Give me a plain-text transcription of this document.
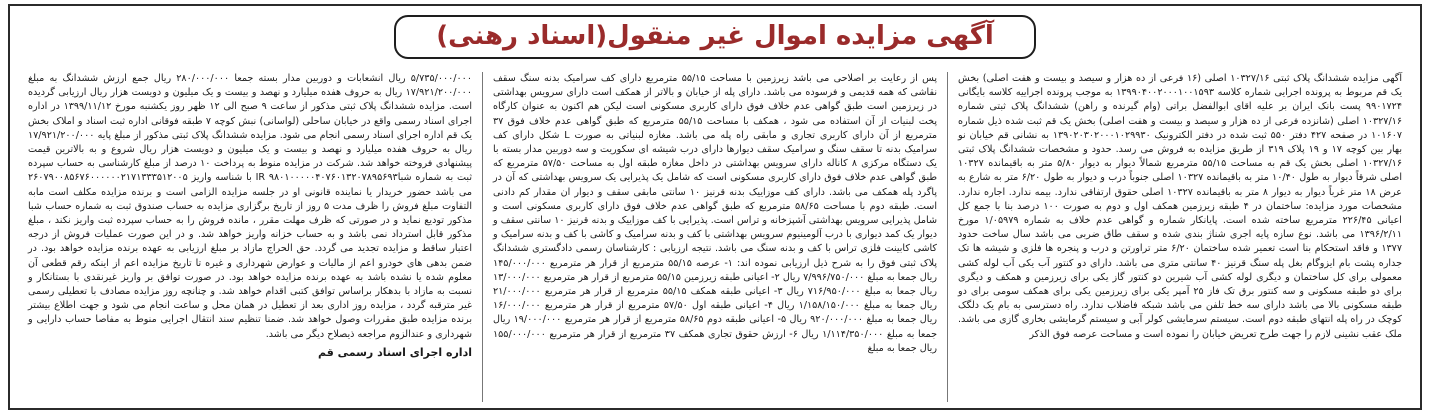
آگهی مزایده اموال غیر منقول(اسناد رهنی)

آگهی مزایده ششدانگ پلاک ثبتی ۱۰۳۲۷/۱۶ اصلی (۱۶ فرعی از ده هزار و سیصد و بیست و هفت اصلی) بخش یک قم مربوط به پرونده اجرایی شماره کلاسه ۱۳۹۹۰۴۰۰۲۰۰۰۱۰۰۱۵۹۳ به موجب پرونده اجراییه کلاسه بایگانی ۹۹۰۱۷۲۴ پست بانک ایران بر علیه اقای ابوالفضل براتی (وام گیرنده و راهن) ششدانگ پلاک ثبتی شماره ۱۰۳۲۷/۱۶ اصلی (شانزده فرعی از ده هزار و سیصد و بیست و هفت اصلی) بخش یک قم ثبت شده ذیل شماره ۱۰۱۶۰۷ در صفحه ۴۲۷ دفتر ۵۵۰ ثبت شده در دفتر الکترونیک ۱۳۹۰۲۰۳۰۲۰۰۰۱۰۲۹۹۳۰ به نشانی قم خیابان نو بهار بین کوچه ۱۷ و ۱۹ پلاک ۳۱۹ از طریق مزایده به فروش می رسد. حدود و مشخصات ششدانگ پلاک ثبتی ۱۰۳۲۷/۱۶ اصلی بخش یک قم به مساحت ۵۵/۱۵ مترمربع شمالاً دیوار به دیوار ۵/۸۰ متر به باقیمانده ۱۰۳۲۷ اصلی شرقاً دیوار به طول ۱۰/۴۰ متر به باقیمانده ۱۰۳۲۷ اصلی جنوباً درب و دیوار به طول ۶/۲۰ متر به شارع به عرض ۱۸ متر غرباً دیوار به دیوار ۸ متر به باقیمانده ۱۰۳۲۷ اصلی حقوق ارتفاقی ندارد. بیمه ندارد. اجاره ندارد. مشخصات مورد مزایده: ساختمان در ۴ طبقه زیرزمین همکف اول و دوم به صورت ۱۰۰ درصد بنا با جمع کل اعیانی ۲۲۶/۴۵ مترمربع ساخته شده است. پایانکار شماره و گواهی عدم خلاف به شماره ۱/۰۵۹۷۹ مورخ ۱۳۹۶/۲/۱۱ می باشد. نوع سازه پایه اجری شناژ بندی شده و سقف طاق ضربی می باشد سال ساخت حدود ۱۳۷۷ و فاقد استحکام بنا است تعمیر شده ساختمان ۶/۲۰ متر تراورتن و درب و پنجره ها فلزی و شیشه ها تک جداره پشت بام ایزوگام بغل پله سنگ قرنیز ۴۰ سانتی متری می باشد. دارای دو کنتور آب یکی آب لوله کشی معمولی برای کل ساختمان و دیگری لوله کشی آب شیرین دو کنتور گاز یکی برای زیرزمین و همکف و دیگری برای دو طبقه مسکونی و سه کنتور برق تک فاز ۲۵ آمپر یکی برای زیرزمین یکی برای همکف سومی برای دو طبقه مسکونی بالا می باشد دارای سه خط تلفن می باشد شبکه فاضلاب ندارد. راه دسترسی به بام یک دلگک کوچک در راه پله انتهای طبقه دوم است. سیستم سرمایشی کولر آبی و سیستم گرمایشی بخاری گازی می باشد. ملک عقب نشینی لازم را جهت طرح تعریض خیابان را نموده است و مساحت عرصه فوق الذکر

پس از رعایت بر اصلاحی می باشد زیرزمین با مساحت ۵۵/۱۵ مترمربع دارای کف سرامیک بدنه سنگ سقف نقاشی که همه قدیمی و فرسوده می باشد. دارای پله از خیابان و بالاتر از همکف است دارای سرویس بهداشتی در زیرزمین است طبق گواهی عدم خلاف فوق دارای کاربری مسکونی است لیکن هم اکنون به عنوان کارگاه پخت لبنیات از آن استفاده می شود ، همکف با مساحت ۵۵/۱۵ مترمربع که طبق گواهی عدم خلاف فوق ۳۷ مترمربع از آن دارای کاربری تجاری و مابقی راه پله می باشد. مغازه لبنیاتی به صورت L شکل دارای کف سرامیک بدنه تا سقف سنگ و سرامیک سقف دیوارها دارای درب شیشه ای سکوریت و سه دوربین مدار بسته با یک دستگاه مرکزی ۸ کاناله دارای سرویس بهداشتی در داخل مغازه طبقه اول به مساحت ۵۷/۵۰ مترمربع که طبق گواهی عدم خلاف فوق دارای کاربری مسکونی است که شامل یک پذیرایی یک سرویس بهداشتی که آن در پاگرد پله همکف می باشد. دارای کف موزاییک بدنه قرنیز ۱۰ سانتی مابقی سقف و دیوار ان مقدار کم دادنی است. طبقه دوم با مساحت ۵۸/۶۵ مترمربع که طبق گواهی عدم خلاف فوق دارای کاربری مسکونی است و شامل پذیرایی سرویس بهداشتی آشپزخانه و تراس است. پذیرایی با کف موزاییک و بدنه قرنیز ۱۰ سانتی سقف و دیوار یک کمد دیواری با درب آلومینیوم سرویس بهداشتی با کف و بدنه سرامیک و کاشی با کف و بدنه سرامیک و کاشی کابینت فلزی تراس با کف و بدنه سنگ می باشد. نتیجه ارزیابی : کارشناسان رسمی دادگستری ششدانگ پلاک ثبتی فوق را به شرح ذیل ارزیابی نموده اند: ۱- عرصه ۵۵/۱۵ مترمربع از قرار هر مترمربع ۱۴۵/۰۰۰/۰۰۰ ریال جمعا به مبلغ ۷/۹۹۶/۷۵۰/۰۰۰ ریال ۲- اعیانی طبقه زیرزمین ۵۵/۱۵ مترمربع از قرار هر مترمربع ۱۳/۰۰۰/۰۰۰ ریال جمعا به مبلغ ۷۱۶/۹۵۰/۰۰۰ ریال ۳- اعیانی طبقه همکف ۵۵/۱۵ مترمربع از قرار هر مترمربع ۲۱/۰۰۰/۰۰۰ ریال جمعا به مبلغ ۱/۱۵۸/۱۵۰/۰۰۰ ریال ۴- اعیانی طبقه اول ۵۷/۵۰ مترمربع از قرار هر مترمربع ۱۶/۰۰۰/۰۰۰ ریال جمعا به مبلغ ۹۲۰/۰۰۰/۰۰۰ ریال ۵- اعیانی طبقه دوم ۵۸/۶۵ مترمربع از قرار هر مترمربع ۱۹/۰۰۰/۰۰۰ ریال جمعا به مبلغ ۱/۱۱۴/۳۵۰/۰۰۰ ریال ۶- ارزش حقوق تجاری همکف ۳۷ مترمربع از قرار هر مترمربع ۱۵۵/۰۰۰/۰۰۰ ریال جمعا به مبلغ

۵/۷۳۵/۰۰۰/۰۰۰ ریال انشعابات و دوربین مدار بسته جمعا ۲۸۰/۰۰۰/۰۰۰ ریال جمع ارزش ششدانگ به مبلغ ۱۷/۹۲۱/۲۰۰/۰۰۰ ریال به حروف هفده میلیارد و نهصد و بیست و یک میلیون و دویست هزار ریال ارزیابی گردیده است. مزایده ششدانگ پلاک ثبتی مذکور از ساعت ۹ صبح الی ۱۲ ظهر روز یکشنبه مورخ ۱۳۹۹/۱۱/۱۲ در اداره اجرای اسناد رسمی واقع در خیابان ساحلی (لواسانی) نبش کوچه ۷ طبقه فوقانی اداره ثبت اسناد و املاک بخش یک قم اداره اجرای اسناد رسمی انجام می شود. مزایده ششدانگ پلاک ثبتی مذکور از مبلغ پایه ۱۷/۹۲۱/۲۰۰/۰۰۰ ریال به حروف هفده میلیارد و نهصد و بیست و یک میلیون و دویست هزار ریال شروع و به بالاترین قیمت پیشنهادی فروخته خواهد شد. شرکت در مزایده منوط به پرداخت ۱۰ درصد از مبلغ کارشناسی به حساب سپرده ثبت به شماره شباIR ۹۸۰۱۰۰۰۰۰۴۰۷۶۰۱۳۲۰۷۸۹۵۶۹۳ با شناسه واریز ۲۶۰۷۹۰۰۸۵۶۷۶۰۰۰۰۰۰۲۱۷۱۳۳۳۵۱۲۰۰۵ می باشد حضور خریدار یا نماینده قانونی او در جلسه مزایده الزامی است و برنده مزایده مکلف است مابه التفاوت مبلغ فروش را ظرف مدت ۵ روز از تاریخ برگزاری مزایده به حساب صندوق ثبت به شماره حساب شبا مذکور تودیع نماید و در صورتی که ظرف مهلت مقرر ، مانده فروش را به حساب سپرده ثبت واریز نکند ، مبلغ مذکور قابل استرداد نمی باشد و به حساب خزانه واریز خواهد شد. و در این صورت عملیات فروش از درجه اعتبار ساقط و مزایده تجدید می گردد. حق الحراج مازاد بر مبلغ ارزیابی به عهده برنده مزایده خواهد بود. در ضمن بدهی های خودرو اعم از مالیات و عوارض شهرداری و غیره تا تاریخ مزایده اعم از اینکه رقم قطعی آن معلوم شده یا نشده باشد به عهده برنده مزایده خواهد بود. در صورت توافق بر واریز غیرنقدی با بستانکار و نسبت به مازاد با بدهکار براساس توافق کتبی اقدام خواهد شد. و چنانچه روز مزایده مصادف با تعطیلی رسمی غیر مترقبه گردد ، مزایده روز اداری بعد از تعطیل در همان محل و ساعت انجام می شود و جهت اطلاع بیشتر برنده مزایده طبق مقررات وصول خواهد شد. ضمنا تنظیم سند انتقال اجرایی منوط به مفاصا حساب دارایی و شهرداری و عندالزوم مراجعه ذیصلاح دیگر می باشد.

اداره اجرای اسناد رسمی قم
